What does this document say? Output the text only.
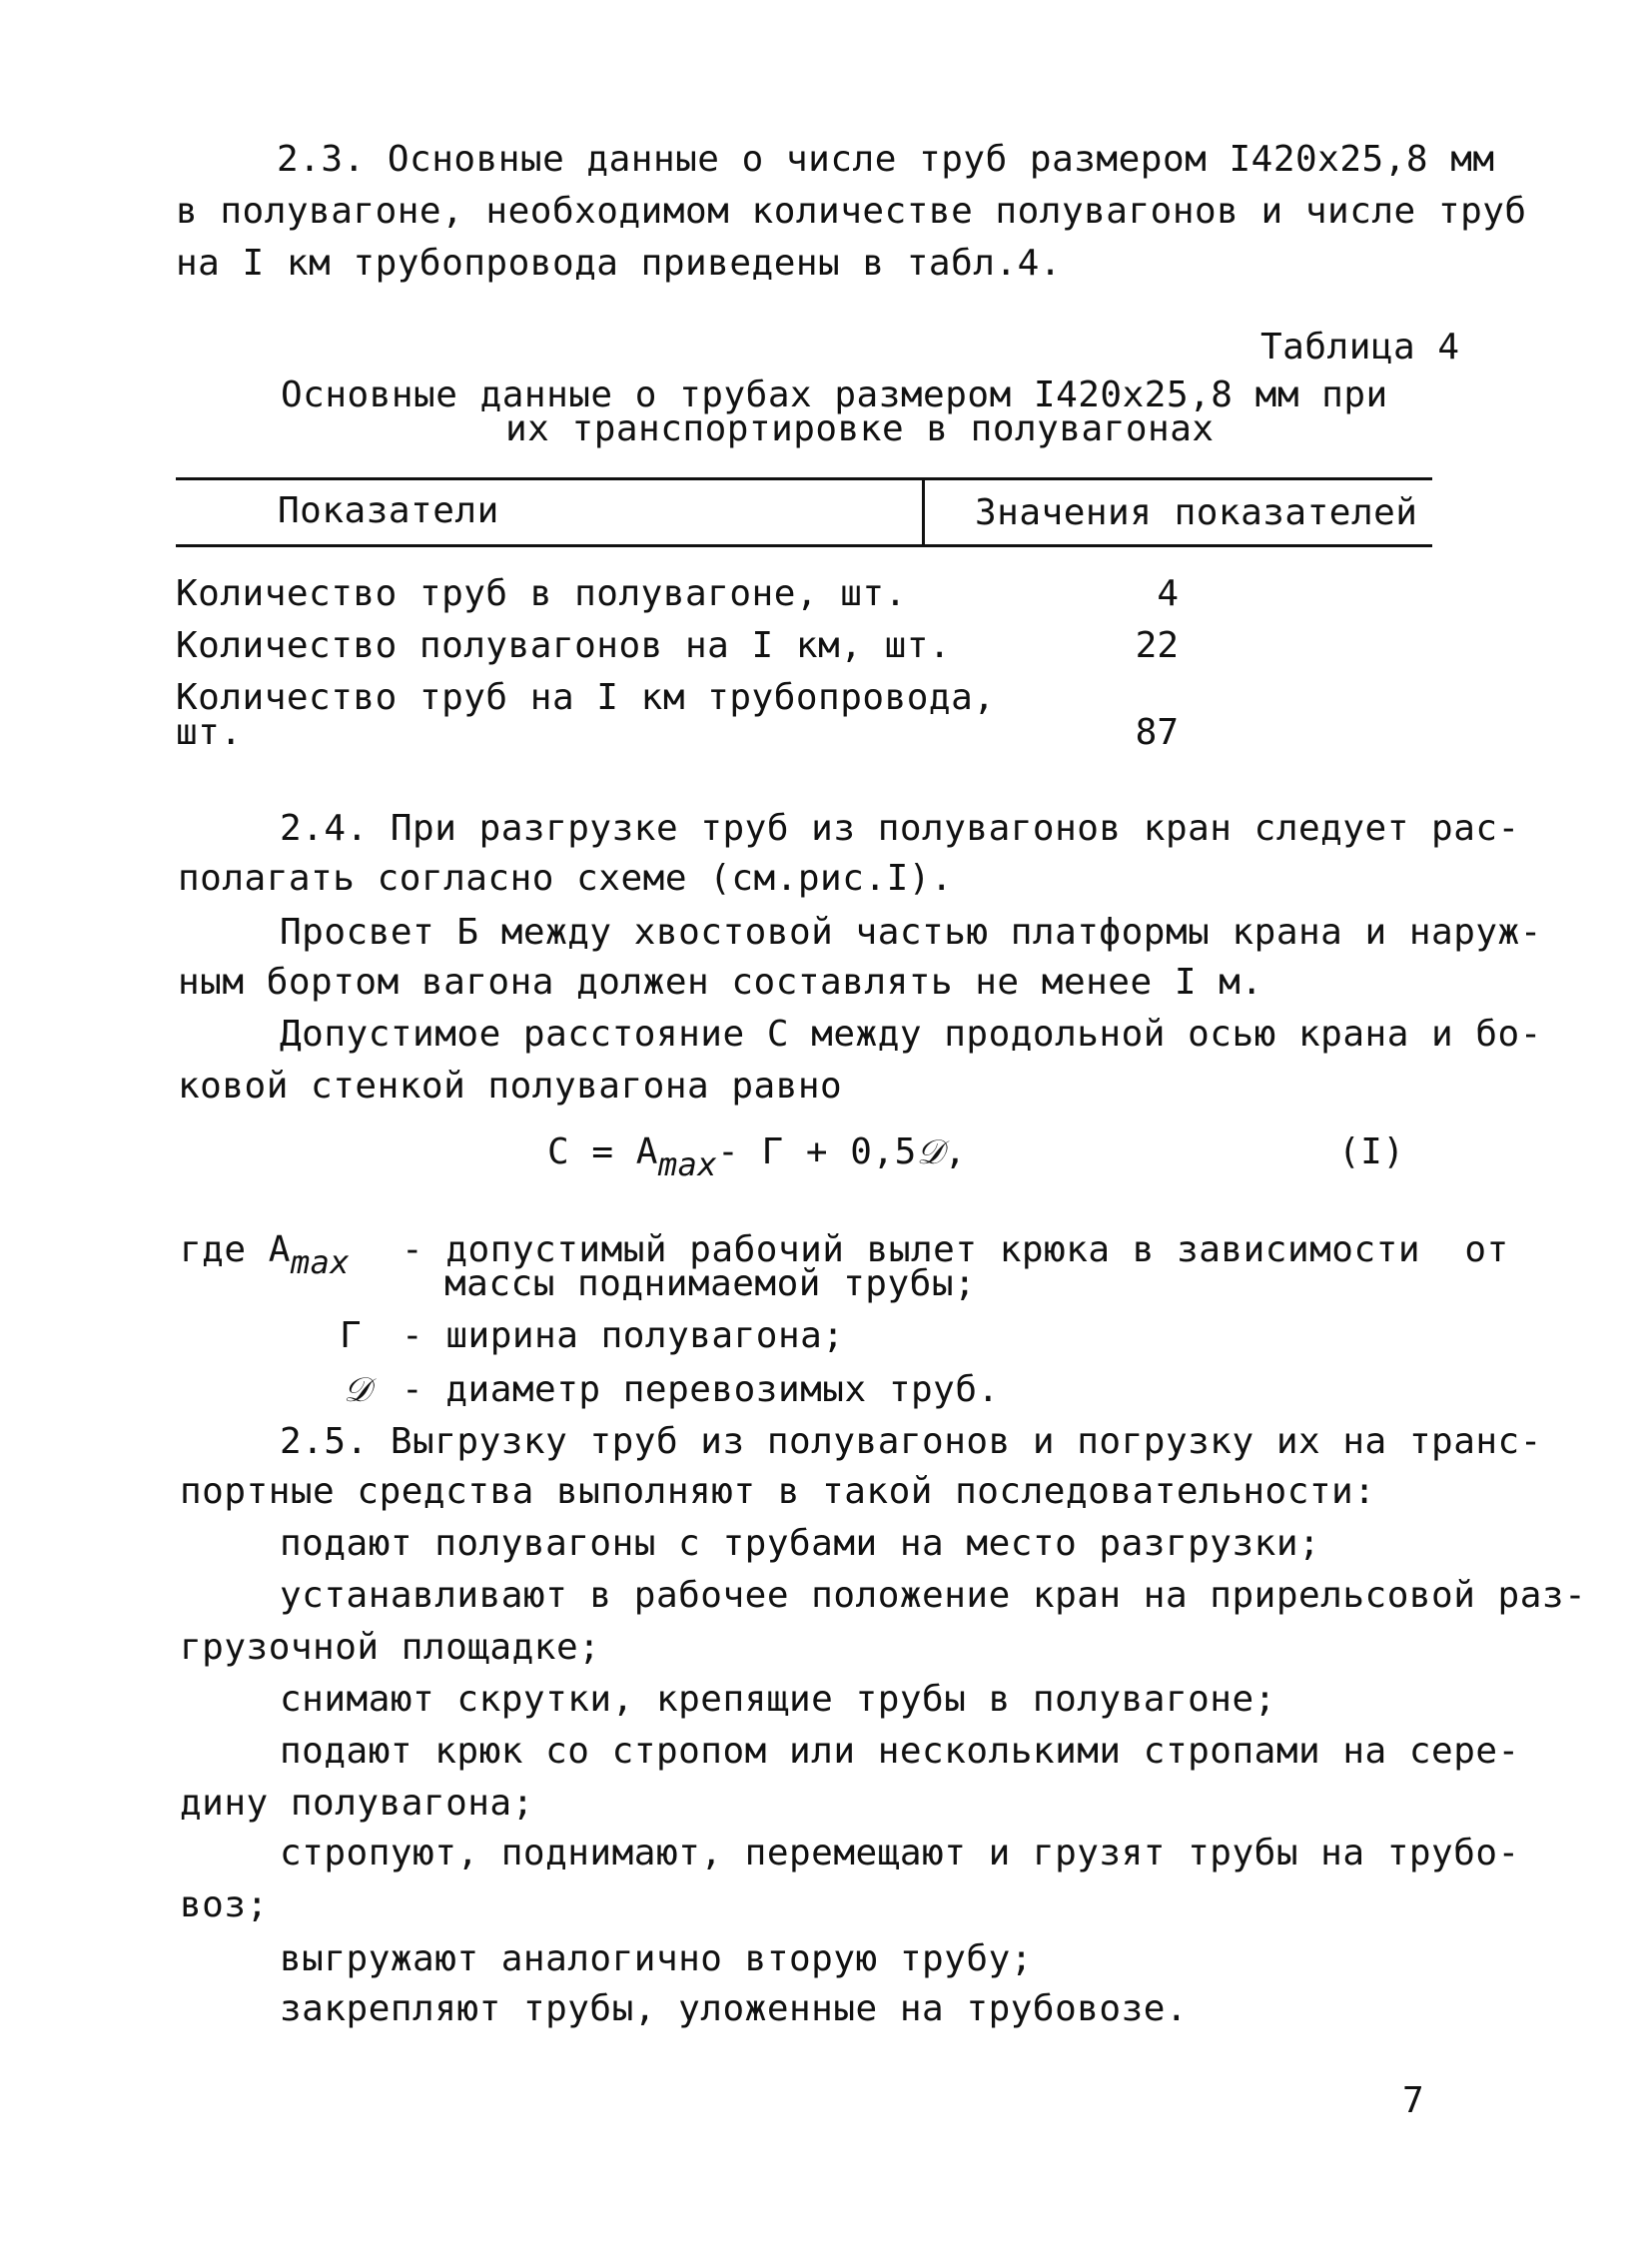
2.3. Основные данные о числе труб размером I420x25,8 мм
в полувагоне, необходимом количестве полувагонов и числе труб
на I км трубопровода приведены в табл.4.
Таблица 4
Основные данные о трубах размером I420x25,8 мм при
их транспортировке в полувагонах
Показатели	Значения показателей
Количество труб в полувагоне, шт.	4
Количество полувагонов на I км, шт.	22
Количество труб на I км трубопровода,
шт.	87
2.4. При разгрузке труб из полувагонов кран следует рас-
полагать согласно схеме (см.рис.I).
Просвет Б между хвостовой частью платформы крана и наруж-
ным бортом вагона должен составлять не менее I м.
Допустимое расстояние С между продольной осью крана и бо-
ковой стенкой полувагона равно
С = Аmax- Г + 0,5𝒟,	(I)
где Аmax - допустимый рабочий вылет крюка в зависимости  от
массы поднимаемой трубы;
Г - ширина полувагона;
𝒟 - диаметр перевозимых труб.
2.5. Выгрузку труб из полувагонов и погрузку их на транс-
портные средства выполняют в такой последовательности:
подают полувагоны с трубами на место разгрузки;
устанавливают в рабочее положение кран на прирельсовой раз-
грузочной площадке;
снимают скрутки, крепящие трубы в полувагоне;
подают крюк со стропом или несколькими стропами на сере-
дину полувагона;
стропуют, поднимают, перемещают и грузят трубы на трубо-
воз;
выгружают аналогично вторую трубу;
закрепляют трубы, уложенные на трубовозе.
7
